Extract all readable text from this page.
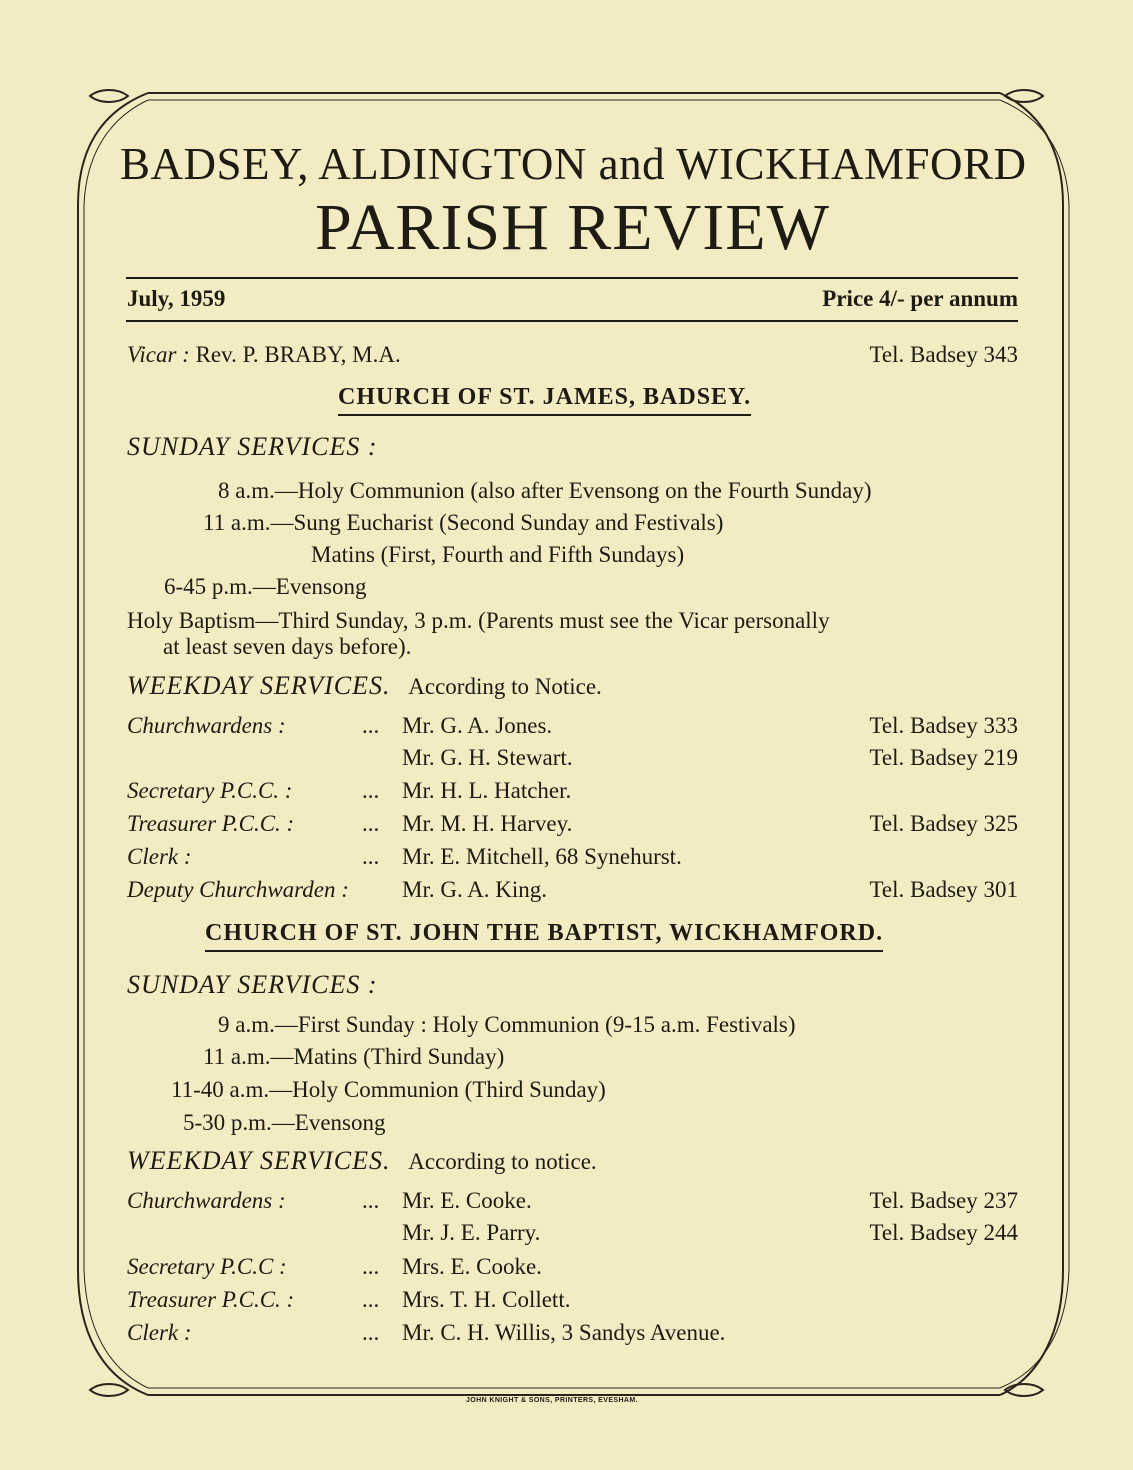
BADSEY, ALDINGTON and WICKHAMFORD
PARISH REVIEW
July, 1959	Price 4/- per annum
Vicar : Rev. P. BRABY, M.A.	Tel. Badsey 343
CHURCH OF ST. JAMES, BADSEY.
SUNDAY SERVICES :
8 a.m.—Holy Communion (also after Evensong on the Fourth Sunday)
11 a.m.—Sung Eucharist (Second Sunday and Festivals)
Matins (First, Fourth and Fifth Sundays)
6-45 p.m.—Evensong
Holy Baptism—Third Sunday, 3 p.m. (Parents must see the Vicar personally
at least seven days before).
WEEKDAY SERVICES. According to Notice.
Churchwardens :	... Mr. G. A. Jones.	Tel. Badsey 333
Mr. G. H. Stewart.	Tel. Badsey 219
Secretary P.C.C. :	... Mr. H. L. Hatcher.
Treasurer P.C.C. :	... Mr. M. H. Harvey.	Tel. Badsey 325
Clerk :	... Mr. E. Mitchell, 68 Synehurst.
Deputy Churchwarden : Mr. G. A. King.	Tel. Badsey 301
CHURCH OF ST. JOHN THE BAPTIST, WICKHAMFORD.
SUNDAY SERVICES :
9 a.m.—First Sunday : Holy Communion (9-15 a.m. Festivals)
11 a.m.—Matins (Third Sunday)
11-40 a.m.—Holy Communion (Third Sunday)
5-30 p.m.—Evensong
WEEKDAY SERVICES. According to notice.
Churchwardens :	... Mr. E. Cooke.	Tel. Badsey 237
Mr. J. E. Parry.	Tel. Badsey 244
Secretary P.C.C :	... Mrs. E. Cooke.
Treasurer P.C.C. :	... Mrs. T. H. Collett.
Clerk :	... Mr. C. H. Willis, 3 Sandys Avenue.
JOHN KNIGHT & SONS, PRINTERS, EVESHAM.
